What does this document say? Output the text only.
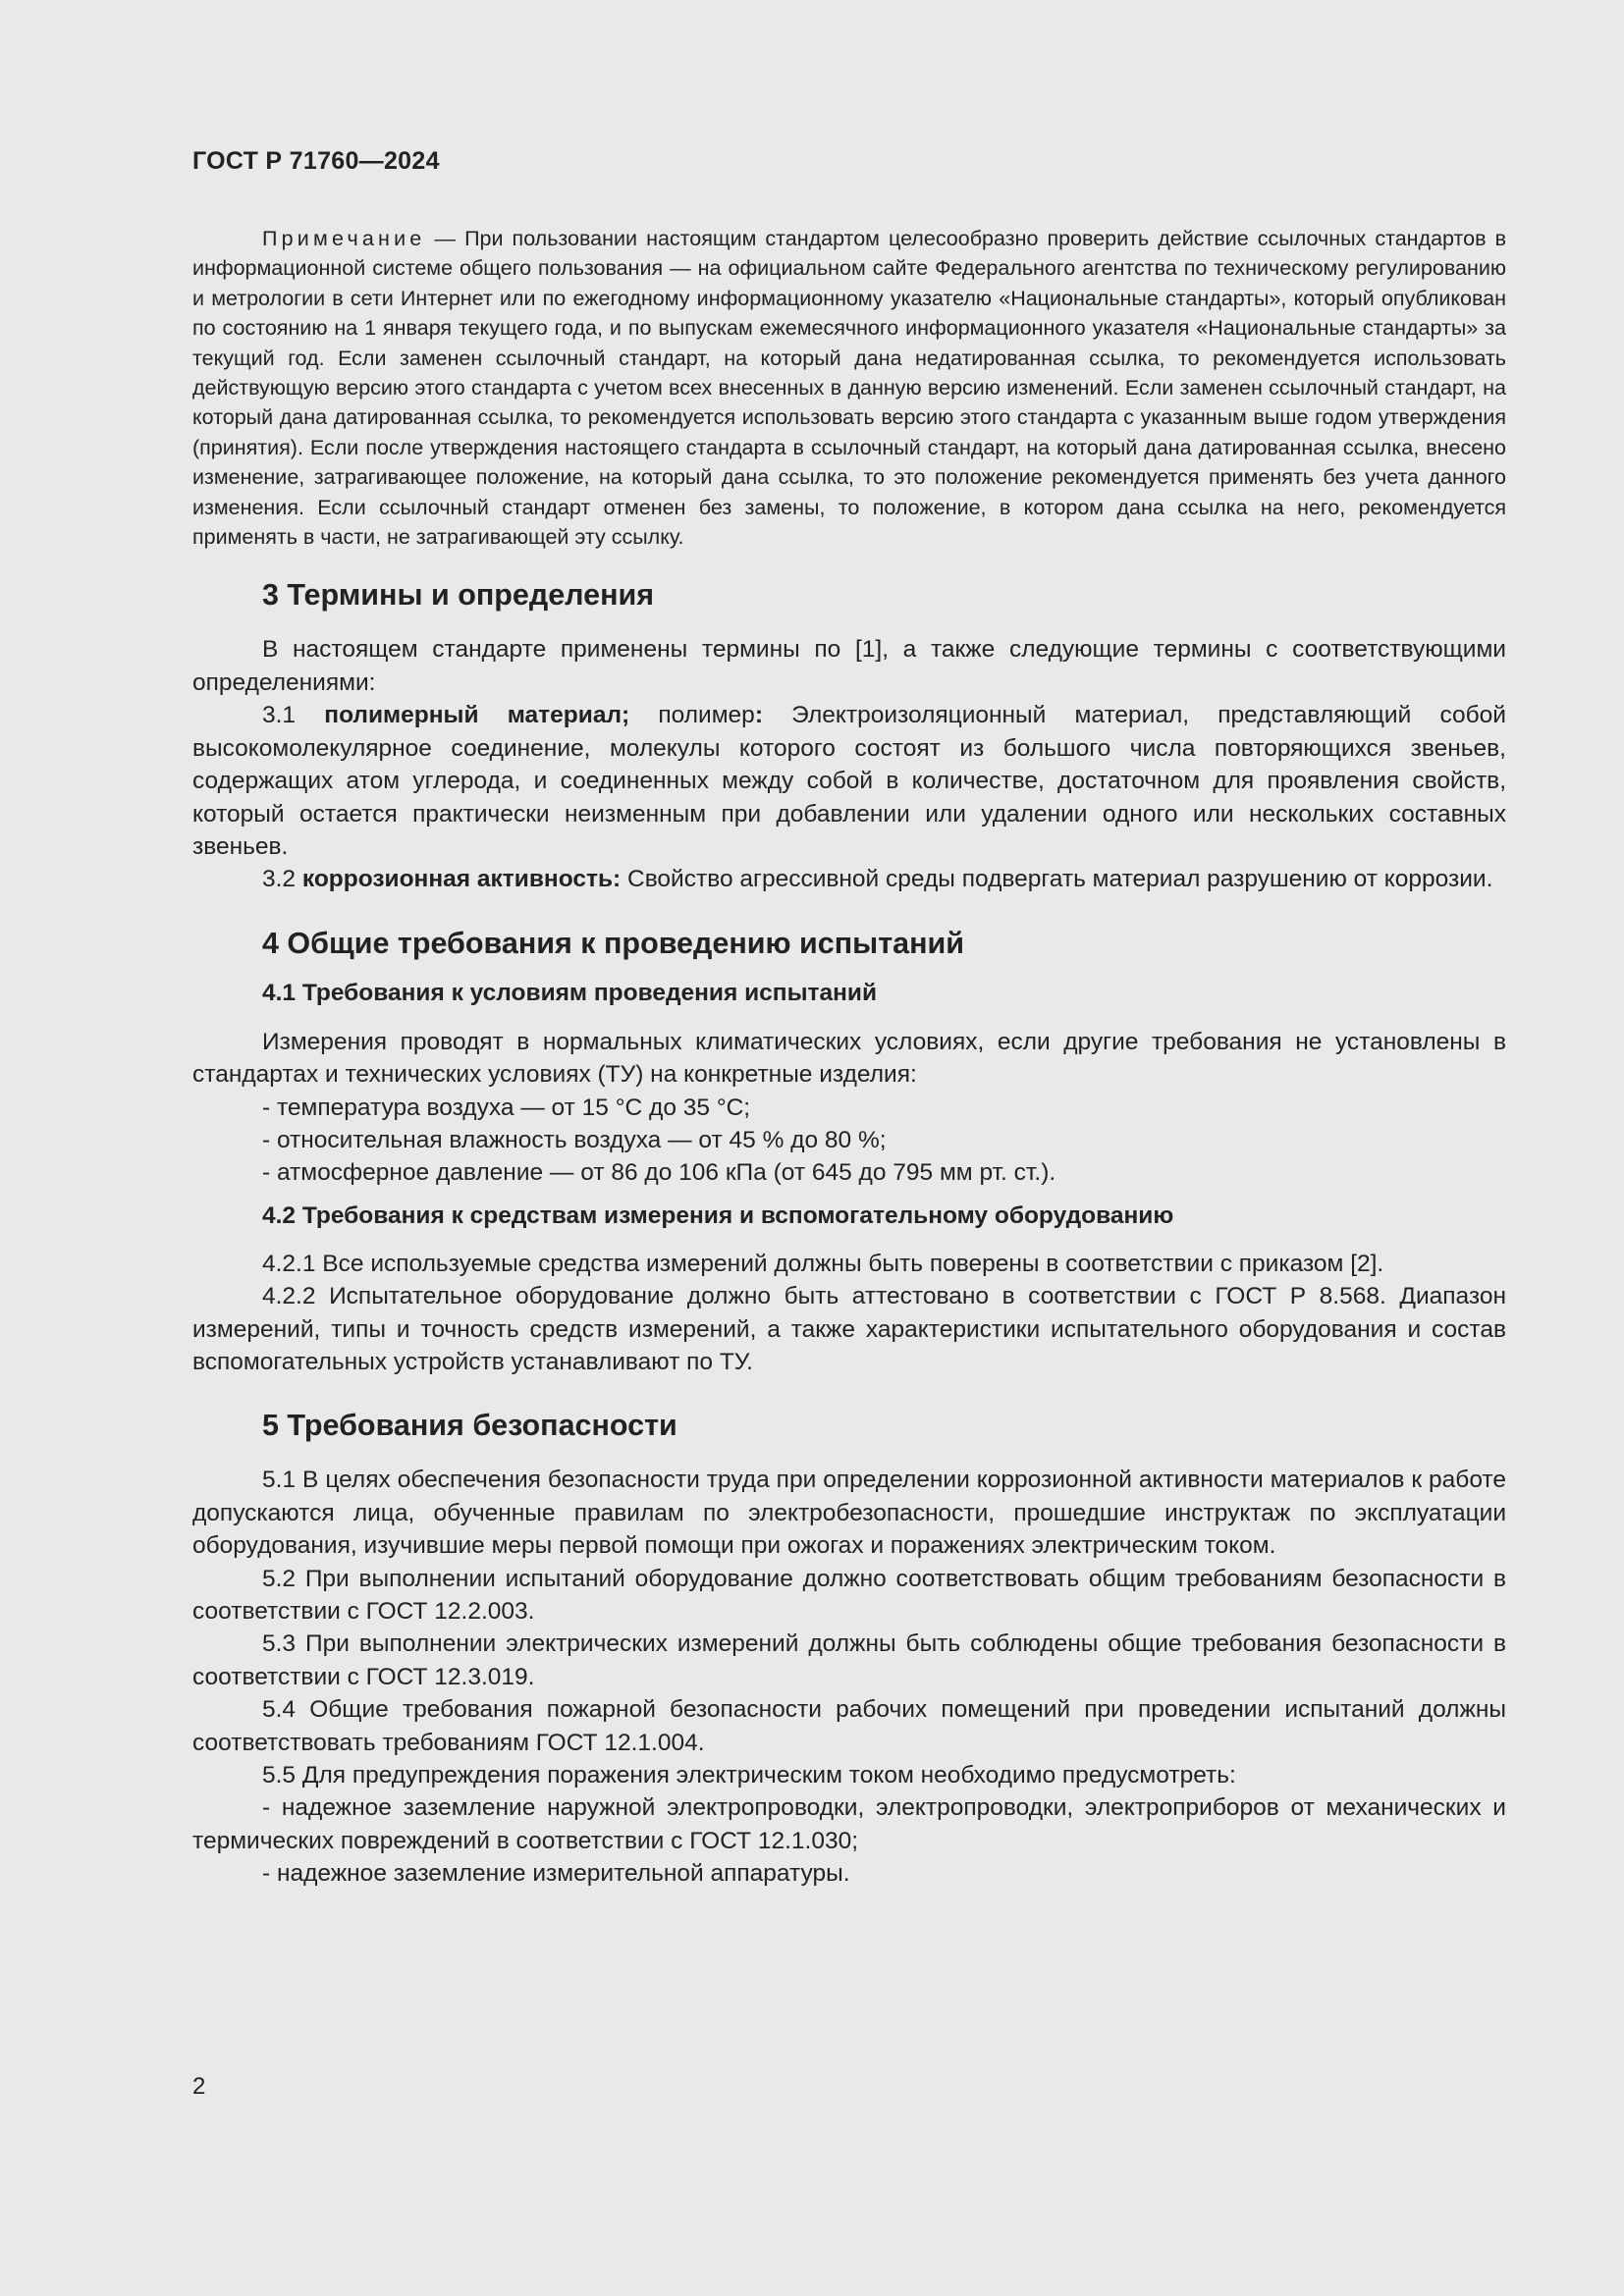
ГОСТ Р 71760—2024

Примечание — При пользовании настоящим стандартом целесообразно проверить действие ссылочных стандартов в информационной системе общего пользования — на официальном сайте Федерального агентства по техническому регулированию и метрологии в сети Интернет или по ежегодному информационному указателю «Национальные стандарты», который опубликован по состоянию на 1 января текущего года, и по выпускам ежемесячного информационного указателя «Национальные стандарты» за текущий год. Если заменен ссылочный стандарт, на который дана недатированная ссылка, то рекомендуется использовать действующую версию этого стандарта с учетом всех внесенных в данную версию изменений. Если заменен ссылочный стандарт, на который дана датированная ссылка, то рекомендуется использовать версию этого стандарта с указанным выше годом утверждения (принятия). Если после утверждения настоящего стандарта в ссылочный стандарт, на который дана датированная ссылка, внесено изменение, затрагивающее положение, на который дана ссылка, то это положение рекомендуется применять без учета данного изменения. Если ссылочный стандарт отменен без замены, то положение, в котором дана ссылка на него, рекомендуется применять в части, не затрагивающей эту ссылку.

3 Термины и определения

В настоящем стандарте применены термины по [1], а также следующие термины с соответствующими определениями:

3.1 полимерный материал; полимер: Электроизоляционный материал, представляющий собой высокомолекулярное соединение, молекулы которого состоят из большого числа повторяющихся звеньев, содержащих атом углерода, и соединенных между собой в количестве, достаточном для проявления свойств, который остается практически неизменным при добавлении или удалении одного или нескольких составных звеньев.

3.2 коррозионная активность: Свойство агрессивной среды подвергать материал разрушению от коррозии.

4 Общие требования к проведению испытаний
4.1 Требования к условиям проведения испытаний

Измерения проводят в нормальных климатических условиях, если другие требования не установлены в стандартах и технических условиях (ТУ) на конкретные изделия:

- температура воздуха — от 15 °С до 35 °С;

- относительная влажность воздуха — от 45 % до 80 %;

- атмосферное давление — от 86 до 106 кПа (от 645 до 795 мм рт. ст.).

4.2 Требования к средствам измерения и вспомогательному оборудованию

4.2.1 Все используемые средства измерений должны быть поверены в соответствии с приказом [2].

4.2.2 Испытательное оборудование должно быть аттестовано в соответствии с ГОСТ Р 8.568. Диапазон измерений, типы и точность средств измерений, а также характеристики испытательного оборудования и состав вспомогательных устройств устанавливают по ТУ.

5 Требования безопасности

5.1 В целях обеспечения безопасности труда при определении коррозионной активности материалов к работе допускаются лица, обученные правилам по электробезопасности, прошедшие инструктаж по эксплуатации оборудования, изучившие меры первой помощи при ожогах и поражениях электрическим током.

5.2 При выполнении испытаний оборудование должно соответствовать общим требованиям безопасности в соответствии с ГОСТ 12.2.003.

5.3 При выполнении электрических измерений должны быть соблюдены общие требования безопасности в соответствии с ГОСТ 12.3.019.

5.4 Общие требования пожарной безопасности рабочих помещений при проведении испытаний должны соответствовать требованиям ГОСТ 12.1.004.

5.5 Для предупреждения поражения электрическим током необходимо предусмотреть:

- надежное заземление наружной электропроводки, электропроводки, электроприборов от механических и термических повреждений в соответствии с ГОСТ 12.1.030;

- надежное заземление измерительной аппаратуры.

2
